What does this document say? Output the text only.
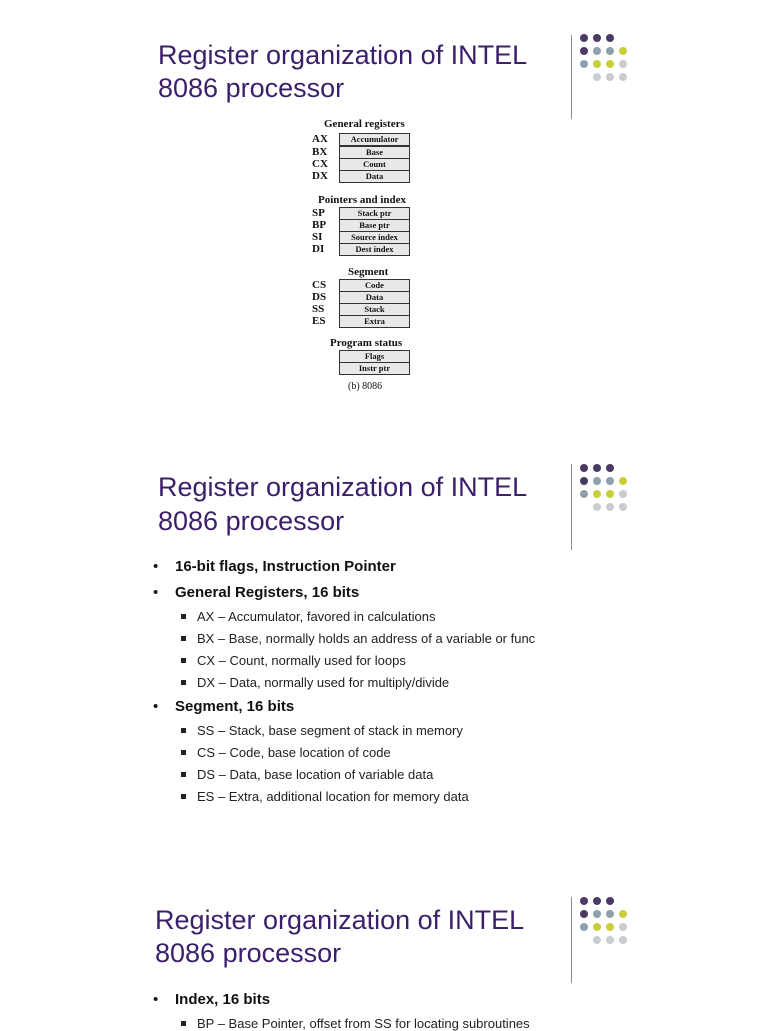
Register organization of INTEL
8086 processor
General registers
AX	Accumulator
BX	Base
CX	Count
DX	Data
Pointers and index
SP	Stack ptr
BP	Base ptr
SI	Source index
DI	Dest index
Segment
CS	Code
DS	Data
SS	Stack
ES	Extra
Program status
Flags
Instr ptr
(b) 8086
Register organization of INTEL
8086 processor
• 16-bit flags, Instruction Pointer
• General Registers, 16 bits
AX – Accumulator, favored in calculations
BX – Base, normally holds an address of a variable or func
CX – Count, normally used for loops
DX – Data, normally used for multiply/divide
• Segment, 16 bits
SS – Stack, base segment of stack in memory
CS – Code, base location of code
DS – Data, base location of variable data
ES – Extra, additional location for memory data
Register organization of INTEL
8086 processor
• Index, 16 bits
BP – Base Pointer, offset from SS for locating subroutines
